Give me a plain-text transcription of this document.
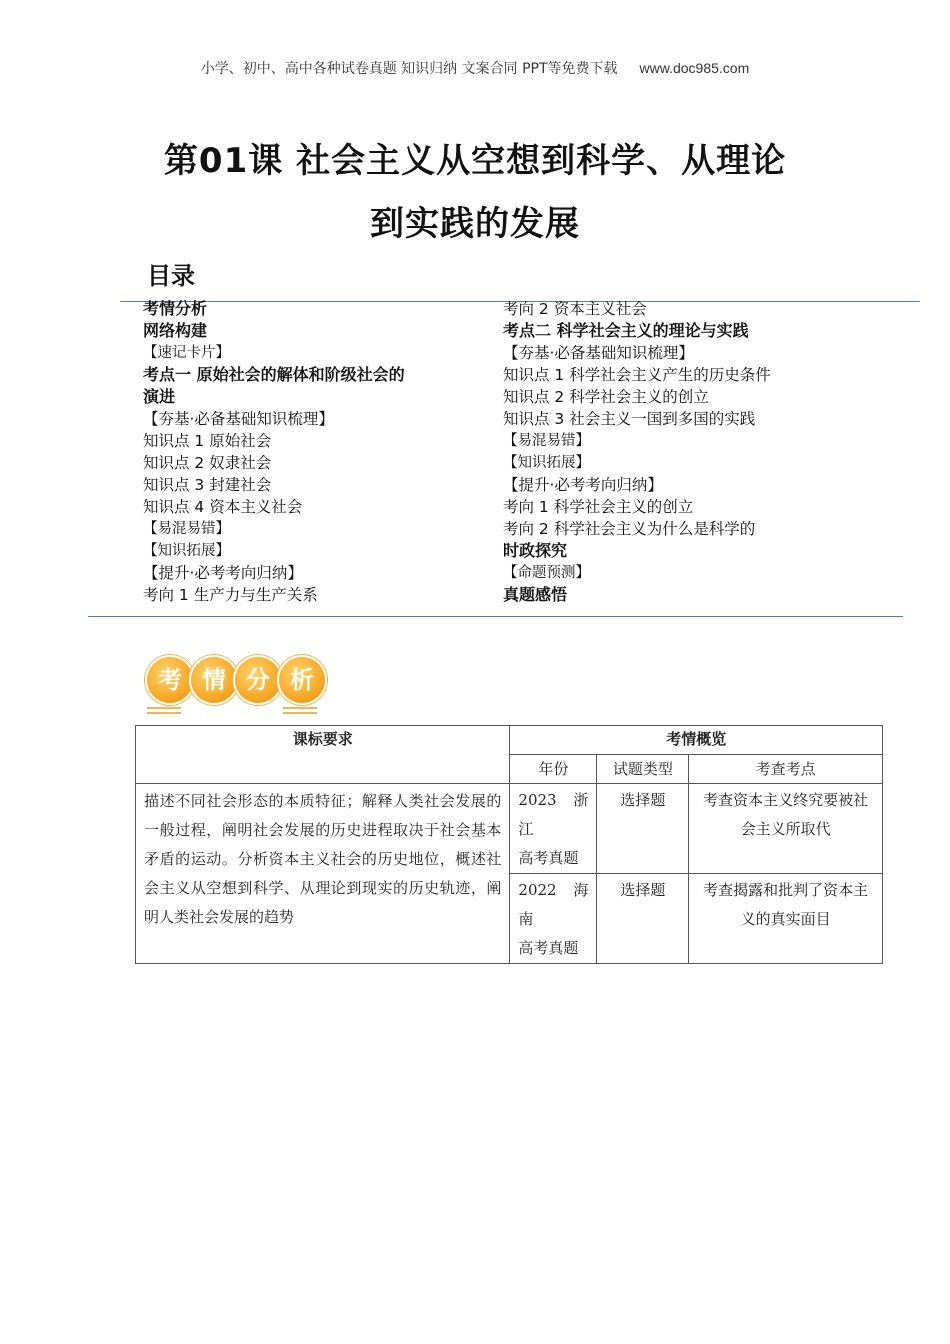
小学、初中、高中各种试卷真题 知识归纳 文案合同 PPT等免费下载 www.doc985.com
第01课 社会主义从空想到科学、从理论
到实践的发展
目录
考情分析
网络构建
【速记卡片】
考点一 原始社会的解体和阶级社会的
演进
【夯基·必备基础知识梳理】
知识点 1 原始社会
知识点 2 奴隶社会
知识点 3 封建社会
知识点 4 资本主义社会
【易混易错】
【知识拓展】
【提升·必考考向归纳】
考向 1 生产力与生产关系
考向 2 资本主义社会
考点二 科学社会主义的理论与实践
【夯基·必备基础知识梳理】
知识点 1 科学社会主义产生的历史条件
知识点 2 科学社会主义的创立
知识点 3 社会主义一国到多国的实践
【易混易错】
【知识拓展】
【提升·必考考向归纳】
考向 1 科学社会主义的创立
考向 2 科学社会主义为什么是科学的
时政探究
【命题预测】
真题感悟
考 情 分 析
课标要求	考情概览		
	年份	试题类型	考查考点
描述不同社会形态的本质特征；解释人类社会发展的一般过程，阐明社会发展的历史进程取决于社会基本矛盾的运动。分析资本主义社会的历史地位，概述社会主义从空想到科学、从理论到现实的历史轨迹，阐明人类社会发展的趋势	2023 浙
江
高考真题	选择题	考查资本主义终究要被社会主义所取代

	2022 海
南
高考真题	选择题	考查揭露和批判了资本主义的真实面目
